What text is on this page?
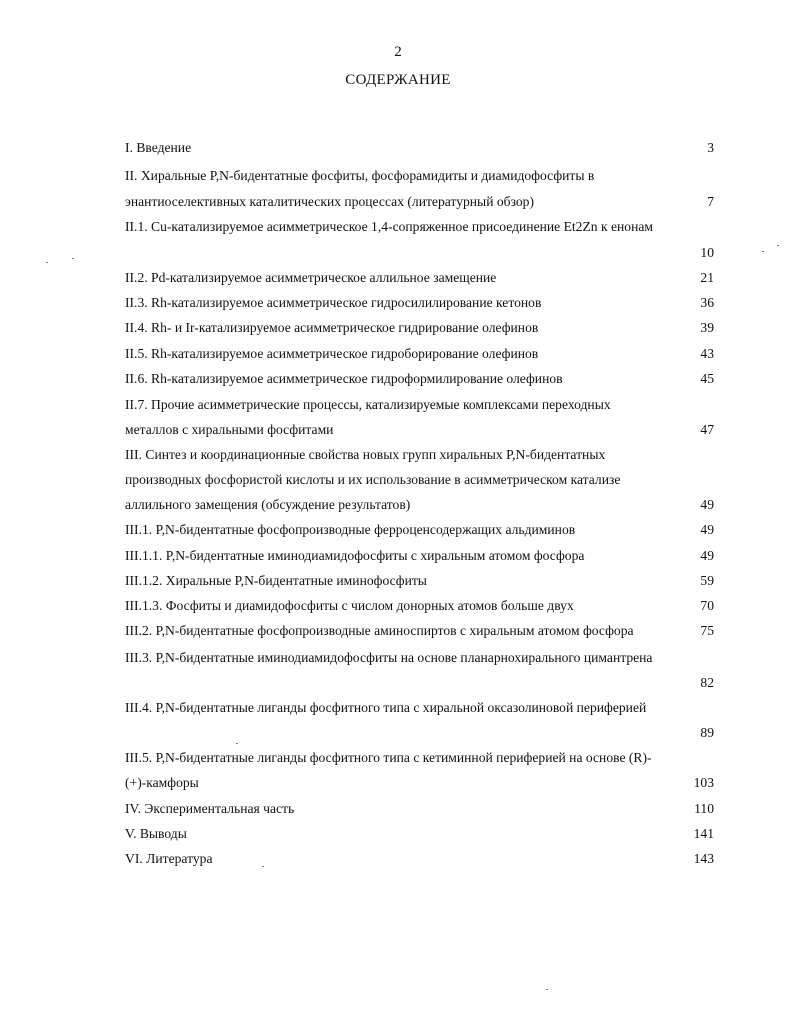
2
СОДЕРЖАНИЕ
I. Введение	3
II. Хиральные P,N-бидентатные фосфиты, фосфорамидиты и диамидофосфиты в
энантиоселективных каталитических процессах (литературный обзор)	7
II.1. Cu-катализируемое асимметрическое 1,4-сопряженное присоединение Et2Zn к енонам
10
II.2. Pd-катализируемое асимметрическое аллильное замещение	21
II.3. Rh-катализируемое асимметрическое гидросилилирование кетонов	36
II.4. Rh- и Ir-катализируемое асимметрическое гидрирование олефинов	39
II.5. Rh-катализируемое асимметрическое гидроборирование олефинов	43
II.6. Rh-катализируемое асимметрическое гидроформилирование олефинов	45
II.7. Прочие асимметрические процессы, катализируемые комплексами переходных
металлов с хиральными фосфитами	47
III. Синтез и координационные свойства новых групп хиральных P,N-бидентатных
производных фосфористой кислоты и их использование в асимметрическом катализе
аллильного замещения (обсуждение результатов)	49
III.1. P,N-бидентатные фосфопроизводные ферроценсодержащих альдиминов	49
III.1.1. P,N-бидентатные иминодиамидофосфиты с хиральным атомом фосфора	49
III.1.2. Хиральные P,N-бидентатные иминофосфиты	59
III.1.3. Фосфиты и диамидофосфиты с числом донорных атомов больше двух	70
III.2. P,N-бидентатные фосфопроизводные аминоспиртов с хиральным атомом фосфора	75
III.3. P,N-бидентатные иминодиамидофосфиты на основе планарнохирального цимантрена
82
III.4. P,N-бидентатные лиганды фосфитного типа с хиральной оксазолиновой периферией
89
III.5. P,N-бидентатные лиганды фосфитного типа с кетиминной периферией на основе (R)-
(+)-камфоры	103
IV. Экспериментальная часть	110
V. Выводы	141
VI. Литература	143
